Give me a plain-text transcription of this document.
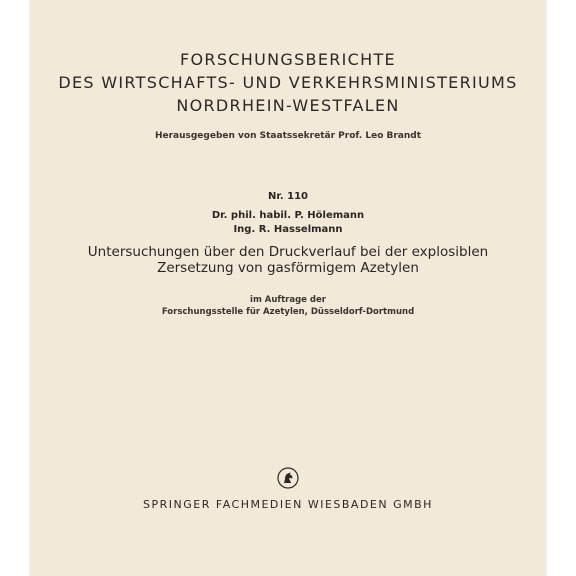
FORSCHUNGSBERICHTE
DES WIRTSCHAFTS- UND VERKEHRSMINISTERIUMS
NORDRHEIN-WESTFALEN
Herausgegeben von Staatssekretär Prof. Leo Brandt
Nr. 110
Dr. phil. habil. P. Hölemann
Ing. R. Hasselmann
Untersuchungen über den Druckverlauf bei der explosiblen
Zersetzung von gasförmigem Azetylen
im Auftrage der
Forschungsstelle für Azetylen, Düsseldorf-Dortmund
SPRINGER FACHMEDIEN WIESBADEN GMBH
